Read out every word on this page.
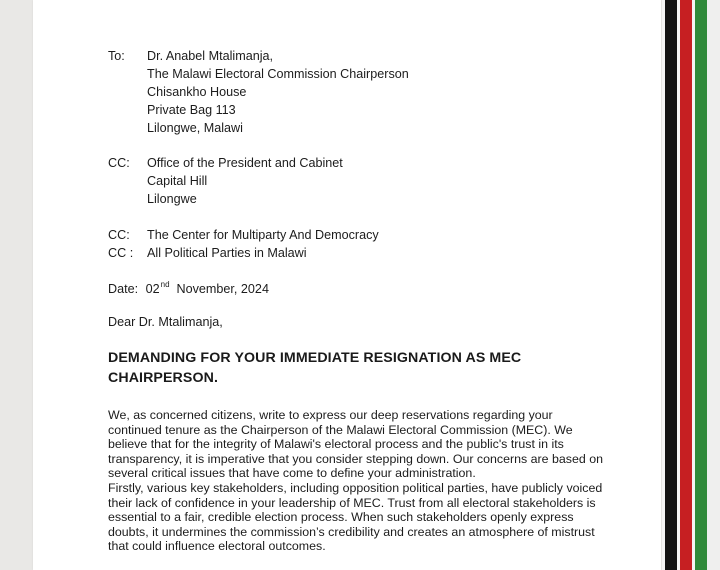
To: Dr. Anabel Mtalimanja,
The Malawi Electoral Commission Chairperson
Chisankho House
Private Bag 113
Lilongwe, Malawi
CC: Office of the President and Cabinet
Capital Hill
Lilongwe
CC: The Center for Multiparty And Democracy
CC : All Political Parties in Malawi
Date: 02nd November, 2024
Dear Dr. Mtalimanja,
DEMANDING FOR YOUR IMMEDIATE RESIGNATION AS MEC CHAIRPERSON.

We, as concerned citizens, write to express our deep reservations regarding your continued tenure as the Chairperson of the Malawi Electoral Commission (MEC). We believe that for the integrity of Malawi's electoral process and the public's trust in its transparency, it is imperative that you consider stepping down. Our concerns are based on several critical issues that have come to define your administration.

Firstly, various key stakeholders, including opposition political parties, have publicly voiced their lack of confidence in your leadership of MEC. Trust from all electoral stakeholders is essential to a fair, credible election process. When such stakeholders openly express doubts, it undermines the commission’s credibility and creates an atmosphere of mistrust that could influence electoral outcomes.
